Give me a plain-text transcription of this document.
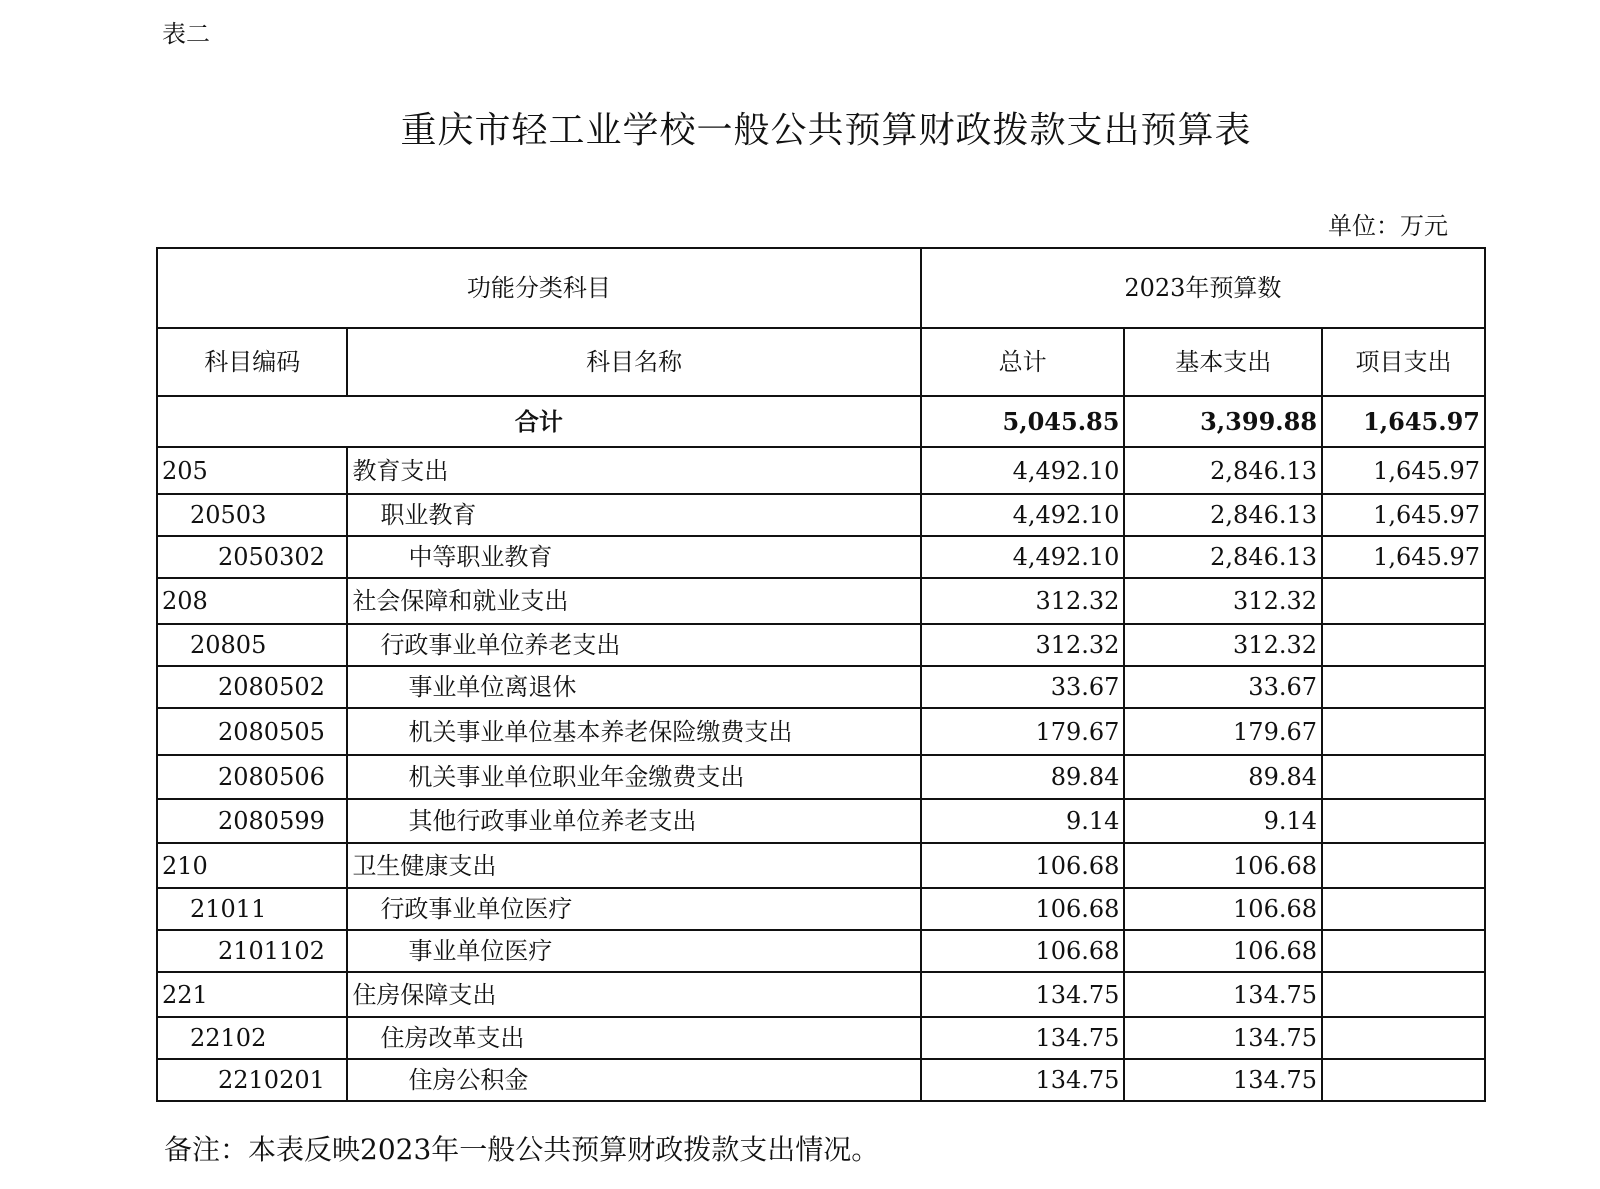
表二
重庆市轻工业学校一般公共预算财政拨款支出预算表
单位：万元
功能分类科目		2023年预算数		
科目编码	科目名称	总计	基本支出	项目支出
合计		5,045.85	3,399.88	1,645.97
205	教育支出	4,492.10	2,846.13	1,645.97
20503	职业教育	4,492.10	2,846.13	1,645.97
2050302	中等职业教育	4,492.10	2,846.13	1,645.97
208	社会保障和就业支出	312.32	312.32	
20805	行政事业单位养老支出	312.32	312.32	
2080502	事业单位离退休	33.67	33.67	
2080505	机关事业单位基本养老保险缴费支出	179.67	179.67	
2080506	机关事业单位职业年金缴费支出	89.84	89.84	
2080599	其他行政事业单位养老支出	9.14	9.14	
210	卫生健康支出	106.68	106.68	
21011	行政事业单位医疗	106.68	106.68	
2101102	事业单位医疗	106.68	106.68	
221	住房保障支出	134.75	134.75	
22102	住房改革支出	134.75	134.75	
2210201	住房公积金	134.75	134.75	
备注：本表反映2023年一般公共预算财政拨款支出情况。
